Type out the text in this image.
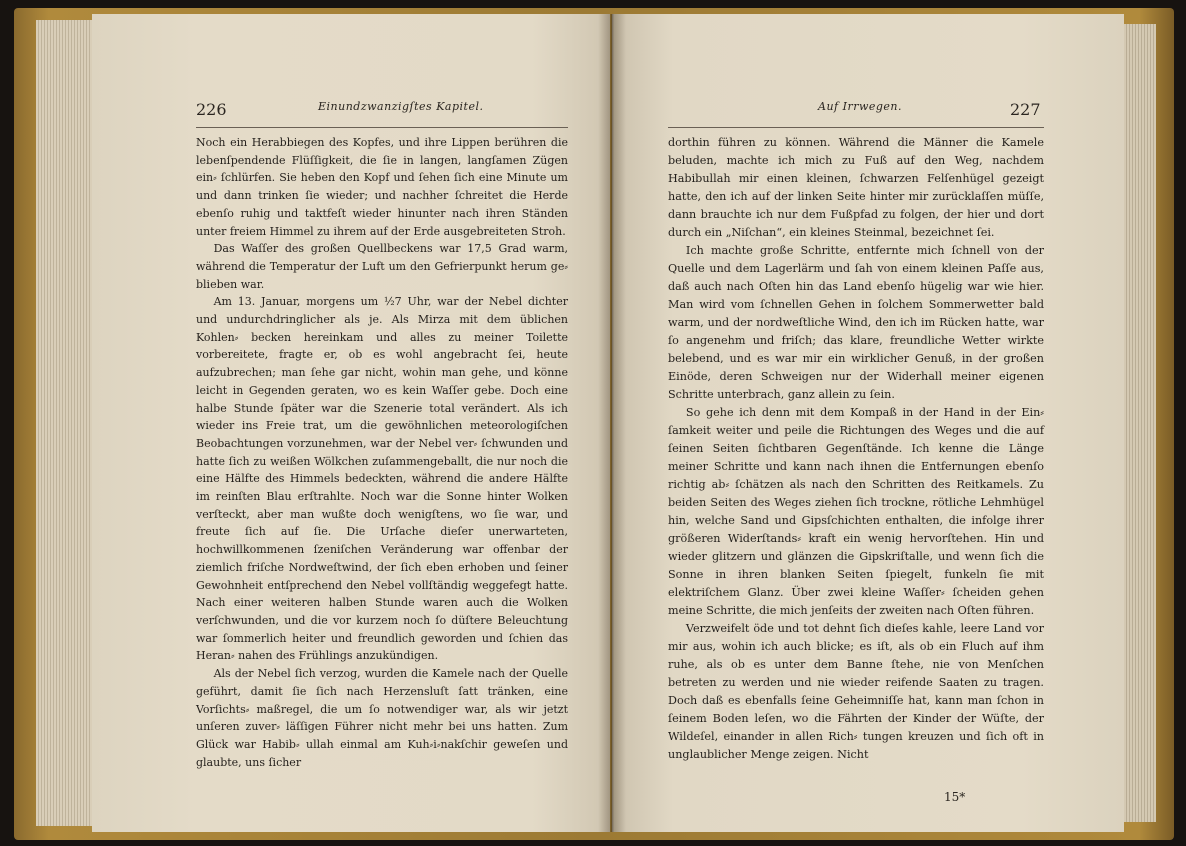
226	Einundzwanzigſtes Kapitel.

Noch ein Herabbiegen des Kopfes, und ihre Lippen berühren die lebenſpendende Flüſſigkeit, die ſie in langen, langſamen Zügen ein⸗ ſchlürfen. Sie heben den Kopf und ſehen ſich eine Minute um und dann trinken ſie wieder; und nachher ſchreitet die Herde ebenſo ruhig und taktfeſt wieder hinunter nach ihren Ständen unter freiem Himmel zu ihrem auf der Erde ausgebreiteten Stroh.

Das Waſſer des großen Quellbeckens war 17,5 Grad warm, während die Temperatur der Luft um den Gefrierpunkt herum ge⸗ blieben war.

Am 13. Januar, morgens um ½7 Uhr, war der Nebel dichter und undurchdringlicher als je. Als Mirza mit dem üblichen Kohlen⸗ becken hereinkam und alles zu meiner Toilette vorbereitete, fragte er, ob es wohl angebracht ſei, heute aufzubrechen; man ſehe gar nicht, wohin man gehe, und könne leicht in Gegenden geraten, wo es kein Waſſer gebe. Doch eine halbe Stunde ſpäter war die Szenerie total verändert. Als ich wieder ins Freie trat, um die gewöhnlichen meteorologiſchen Beobachtungen vorzunehmen, war der Nebel ver⸗ ſchwunden und hatte ſich zu weißen Wölkchen zuſammengeballt, die nur noch die eine Hälfte des Himmels bedeckten, während die andere Hälfte im reinſten Blau erſtrahlte. Noch war die Sonne hinter Wolken verſteckt, aber man wußte doch wenigſtens, wo ſie war, und freute ſich auf ſie. Die Urſache dieſer unerwarteten, hochwillkommenen ſzeniſchen Veränderung war offenbar der ziemlich friſche Nordweſtwind, der ſich eben erhoben und ſeiner Gewohnheit entſprechend den Nebel vollſtändig weggefegt hatte. Nach einer weiteren halben Stunde waren auch die Wolken verſchwunden, und die vor kurzem noch ſo düſtere Beleuchtung war ſommerlich heiter und freundlich geworden und ſchien das Heran⸗ nahen des Frühlings anzukündigen.

Als der Nebel ſich verzog, wurden die Kamele nach der Quelle geführt, damit ſie ſich nach Herzensluſt ſatt tränken, eine Vorſichts⸗ maßregel, die um ſo notwendiger war, als wir jetzt unſeren zuver⸗ läſſigen Führer nicht mehr bei uns hatten. Zum Glück war Habib⸗ ullah einmal am Kuh⸗i⸗nakſchir geweſen und glaubte, uns ſicher

Auf Irrwegen.	227

dorthin führen zu können. Während die Männer die Kamele beluden, machte ich mich zu Fuß auf den Weg, nachdem Habibullah mir einen kleinen, ſchwarzen Felſenhügel gezeigt hatte, den ich auf der linken Seite hinter mir zurücklaſſen müſſe, dann brauchte ich nur dem Fußpfad zu folgen, der hier und dort durch ein „Niſchan“, ein kleines Steinmal, bezeichnet ſei.

Ich machte große Schritte, entfernte mich ſchnell von der Quelle und dem Lagerlärm und ſah von einem kleinen Paſſe aus, daß auch nach Oſten hin das Land ebenſo hügelig war wie hier. Man wird vom ſchnellen Gehen in ſolchem Sommerwetter bald warm, und der nordweſtliche Wind, den ich im Rücken hatte, war ſo angenehm und friſch; das klare, freundliche Wetter wirkte belebend, und es war mir ein wirklicher Genuß, in der großen Einöde, deren Schweigen nur der Widerhall meiner eigenen Schritte unterbrach, ganz allein zu ſein.

So gehe ich denn mit dem Kompaß in der Hand in der Ein⸗ ſamkeit weiter und peile die Richtungen des Weges und die auf ſeinen Seiten ſichtbaren Gegenſtände. Ich kenne die Länge meiner Schritte und kann nach ihnen die Entfernungen ebenſo richtig ab⸗ ſchätzen als nach den Schritten des Reitkamels. Zu beiden Seiten des Weges ziehen ſich trockne, rötliche Lehmhügel hin, welche Sand und Gipsſchichten enthalten, die infolge ihrer größeren Widerſtands⸗ kraft ein wenig hervorſtehen. Hin und wieder glitzern und glänzen die Gipskriſtalle, und wenn ſich die Sonne in ihren blanken Seiten ſpiegelt, funkeln ſie mit elektriſchem Glanz. Über zwei kleine Waſſer⸗ ſcheiden gehen meine Schritte, die mich jenſeits der zweiten nach Oſten führen.

Verzweifelt öde und tot dehnt ſich dieſes kahle, leere Land vor mir aus, wohin ich auch blicke; es iſt, als ob ein Fluch auf ihm ruhe, als ob es unter dem Banne ſtehe, nie von Menſchen betreten zu werden und nie wieder reifende Saaten zu tragen. Doch daß es ebenfalls ſeine Geheimniſſe hat, kann man ſchon in ſeinem Boden leſen, wo die Fährten der Kinder der Wüſte, der Wildeſel, einander in allen Rich⸗ tungen kreuzen und ſich oft in unglaublicher Menge zeigen. Nicht

15*
